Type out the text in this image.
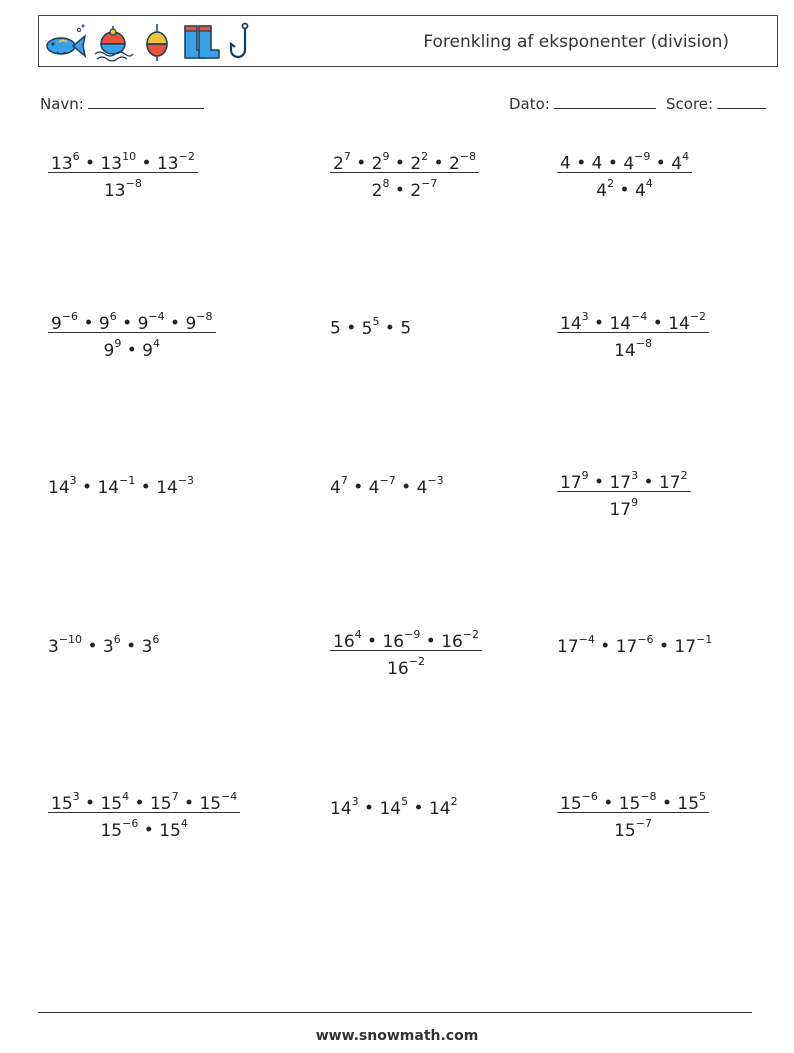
Forenkling af eksponenter (division)
Navn:	Dato:	Score:
$\frac{13^6 • 13^{10} • 13^{-2}}{13^{-8}}$	$\frac{2^7 • 2^9 • 2^2 • 2^{-8}}{2^8 • 2^{-7}}$	$\frac{4 • 4 • 4^{-9} • 4^4}{4^2 • 4^4}$
$\frac{9^{-6} • 9^6 • 9^{-4} • 9^{-8}}{9^9 • 9^4}$	5 • $5^5$ • 5	$\frac{14^3 • 14^{-4} • 14^{-2}}{14^{-8}}$
$14^3$ • $14^{-1}$ • $14^{-3}$	$4^7$ • $4^{-7}$ • $4^{-3}$	$\frac{17^9 • 17^3 • 17^2}{17^9}$
$3^{-10}$ • $3^6$ • $3^6$	$\frac{16^4 • 16^{-9} • 16^{-2}}{16^{-2}}$	$17^{-4}$ • $17^{-6}$ • $17^{-1}$
$\frac{15^3 • 15^4 • 15^7 • 15^{-4}}{15^{-6} • 15^4}$	$14^3$ • $14^5$ • $14^2$	$\frac{15^{-6} • 15^{-8} • 15^5}{15^{-7}}$
www.snowmath.com
